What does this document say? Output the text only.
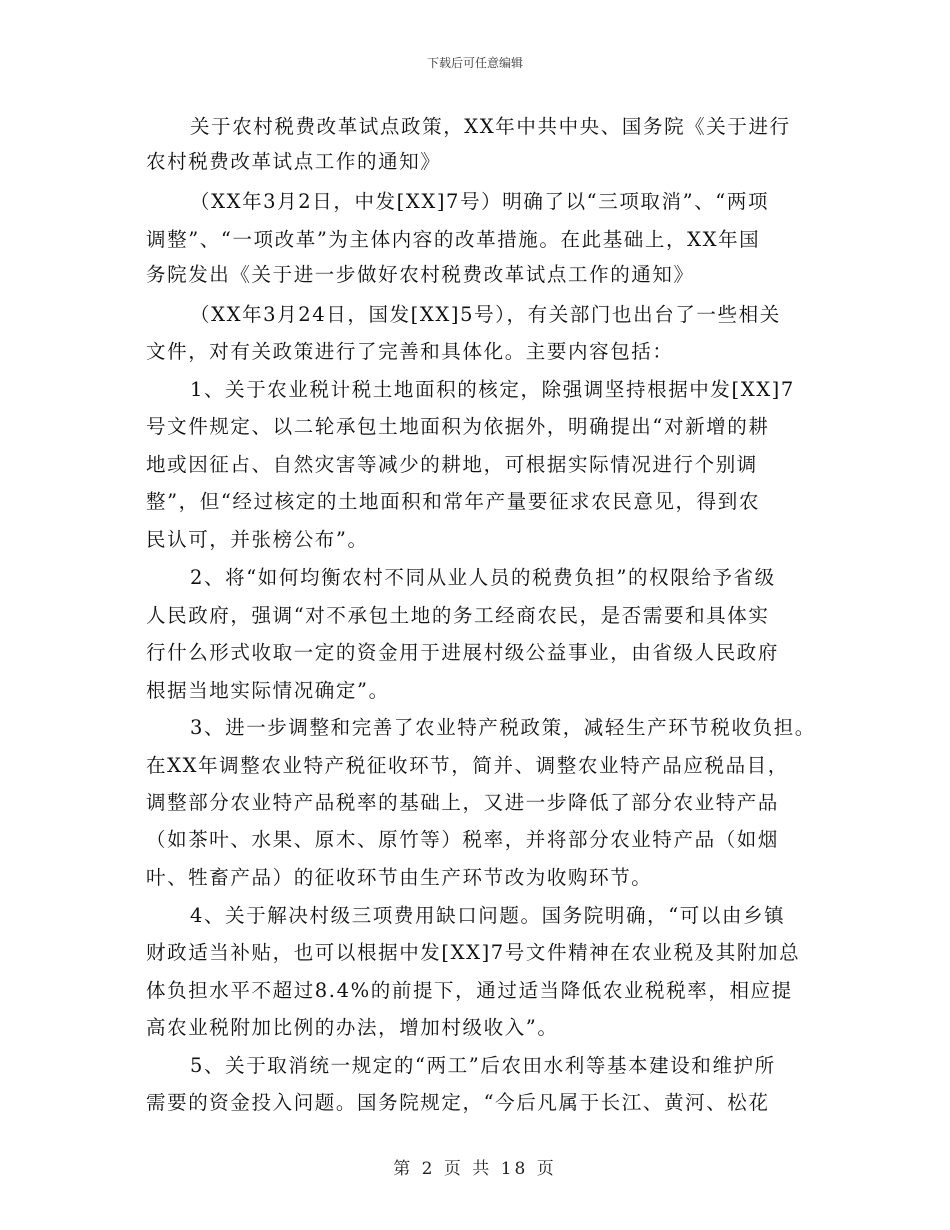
下载后可任意编辑
关于农村税费改革试点政策，XX年中共中央、国务院《关于进行
农村税费改革试点工作的通知》
（XX年3月2日，中发[XX]7号）明确了以“三项取消”、“两项
调整”、“一项改革”为主体内容的改革措施。在此基础上，XX年国
务院发出《关于进一步做好农村税费改革试点工作的通知》
（XX年3月24日，国发[XX]5号），有关部门也出台了一些相关
文件，对有关政策进行了完善和具体化。主要内容包括：
1、关于农业税计税土地面积的核定，除强调坚持根据中发[XX]7
号文件规定、以二轮承包土地面积为依据外，明确提出“对新增的耕
地或因征占、自然灾害等减少的耕地，可根据实际情况进行个别调
整”，但“经过核定的土地面积和常年产量要征求农民意见，得到农
民认可，并张榜公布”。
2、将“如何均衡农村不同从业人员的税费负担”的权限给予省级
人民政府，强调“对不承包土地的务工经商农民，是否需要和具体实
行什么形式收取一定的资金用于进展村级公益事业，由省级人民政府
根据当地实际情况确定”。
3、进一步调整和完善了农业特产税政策，减轻生产环节税收负担。
在XX年调整农业特产税征收环节，简并、调整农业特产品应税品目，
调整部分农业特产品税率的基础上，又进一步降低了部分农业特产品
（如茶叶、水果、原木、原竹等）税率，并将部分农业特产品（如烟
叶、牲畜产品）的征收环节由生产环节改为收购环节。
4、关于解决村级三项费用缺口问题。国务院明确，“可以由乡镇
财政适当补贴，也可以根据中发[XX]7号文件精神在农业税及其附加总
体负担水平不超过8.4%的前提下，通过适当降低农业税税率，相应提
高农业税附加比例的办法，增加村级收入”。
5、关于取消统一规定的“两工”后农田水利等基本建设和维护所
需要的资金投入问题。国务院规定，“今后凡属于长江、黄河、松花
第 2 页 共 18 页
